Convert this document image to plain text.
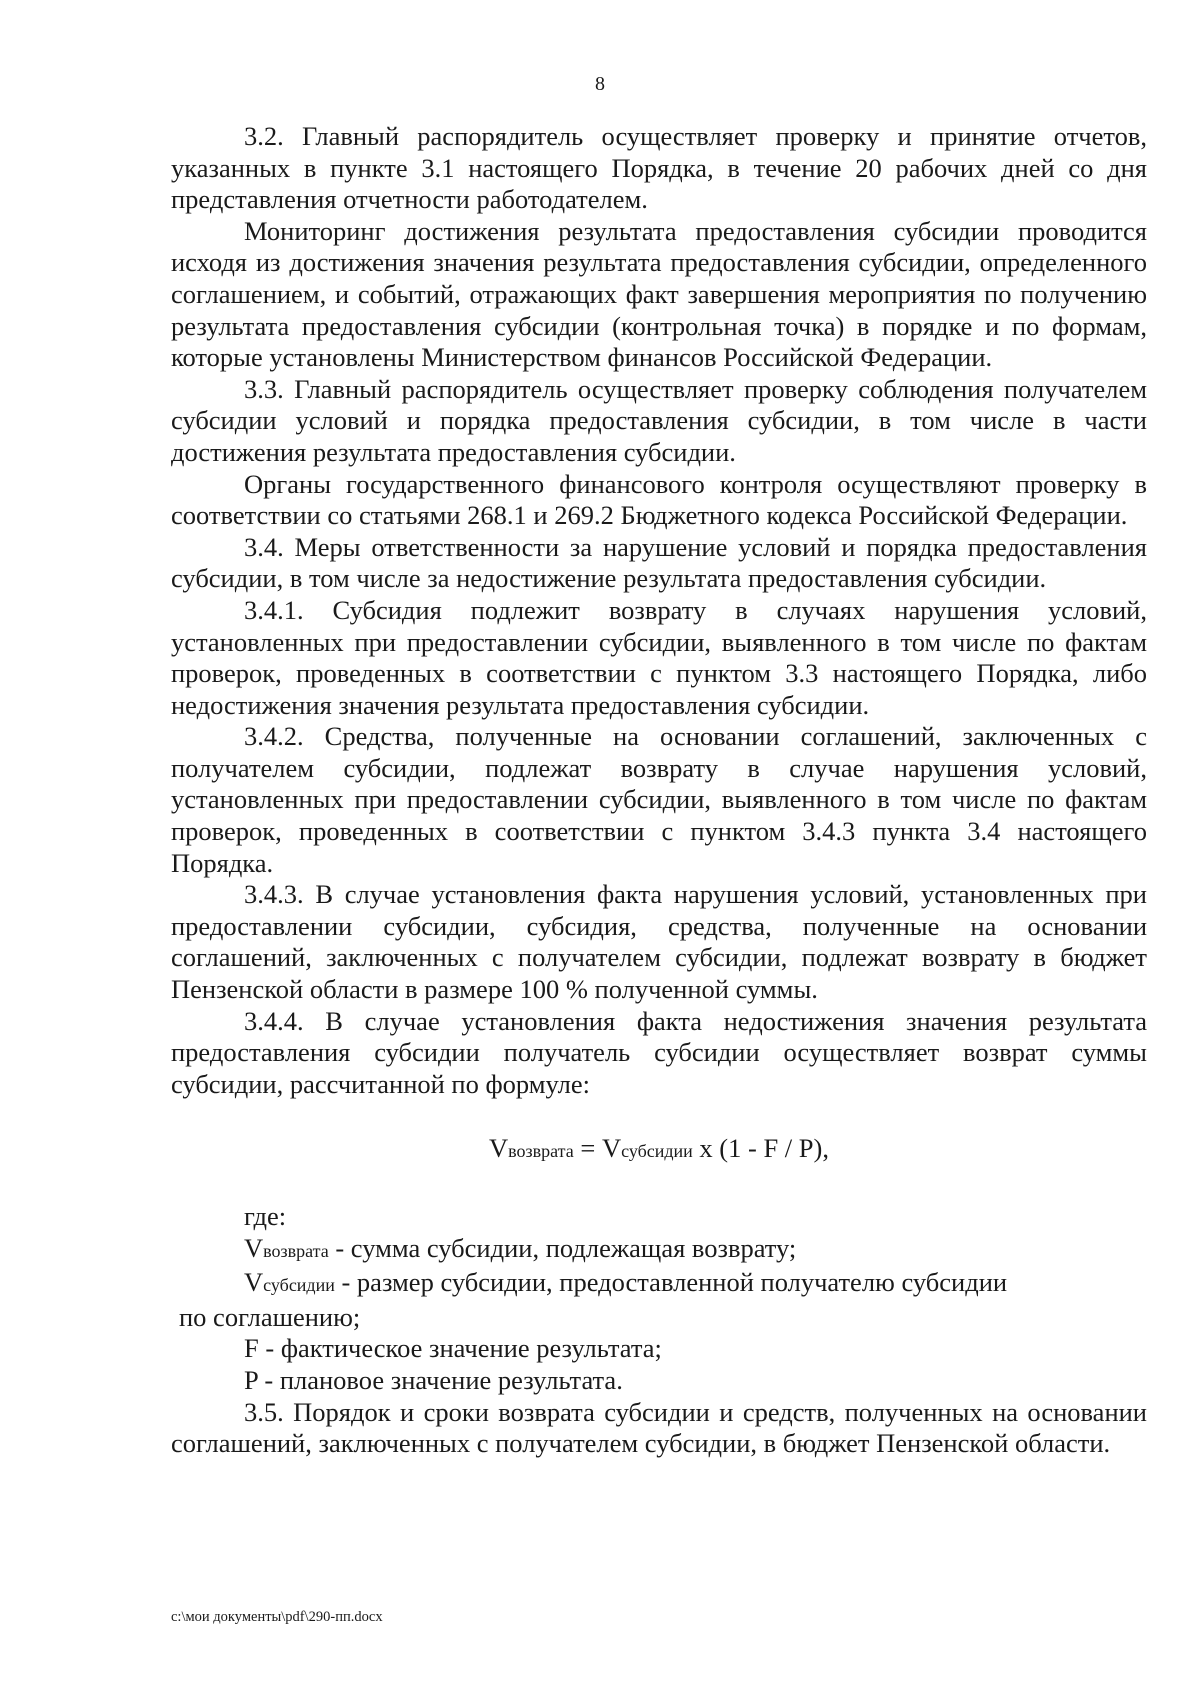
8

3.2. Главный распорядитель осуществляет проверку и принятие отчетов, указанных в пункте 3.1 настоящего Порядка, в течение 20 рабочих дней со дня представления отчетности работодателем.

Мониторинг достижения результата предоставления субсидии проводится исходя из достижения значения результата предоставления субсидии, определенного соглашением, и событий, отражающих факт завершения мероприятия по получению результата предоставления субсидии (контрольная точка) в порядке и по формам, которые установлены Министерством финансов Российской Федерации.

3.3. Главный распорядитель осуществляет проверку соблюдения получателем субсидии условий и порядка предоставления субсидии, в том числе в части достижения результата предоставления субсидии.

Органы государственного финансового контроля осуществляют проверку в соответствии со статьями 268.1 и 269.2 Бюджетного кодекса Российской Федерации.

3.4. Меры ответственности за нарушение условий и порядка предоставления субсидии, в том числе за недостижение результата предоставления субсидии.

3.4.1. Субсидия подлежит возврату в случаях нарушения условий, установленных при предоставлении субсидии, выявленного в том числе по фактам проверок, проведенных в соответствии с пунктом 3.3 настоящего Порядка, либо недостижения значения результата предоставления субсидии.

3.4.2. Средства, полученные на основании соглашений, заключенных с получателем субсидии, подлежат возврату в случае нарушения условий, установленных при предоставлении субсидии, выявленного в том числе по фактам проверок, проведенных в соответствии с пунктом 3.4.3 пункта 3.4 настоящего Порядка.

3.4.3. В случае установления факта нарушения условий, установленных при предоставлении субсидии, субсидия, средства, полученные на основании соглашений, заключенных с получателем субсидии, подлежат возврату в бюджет Пензенской области в размере 100 % полученной суммы.

3.4.4. В случае установления факта недостижения значения результата предоставления субсидии получатель субсидии осуществляет возврат суммы субсидии, рассчитанной по формуле:

Vвозврата = Vсубсидии x (1 - F / P),

где:

Vвозврата - сумма субсидии, подлежащая возврату;

Vсубсидии - размер субсидии, предоставленной получателю субсидии
по соглашению;

F - фактическое значение результата;

P - плановое значение результата.

3.5. Порядок и сроки возврата субсидии и средств, полученных на основании соглашений, заключенных с получателем субсидии, в бюджет Пензенской области.

c:\мои документы\pdf\290-пп.docx
